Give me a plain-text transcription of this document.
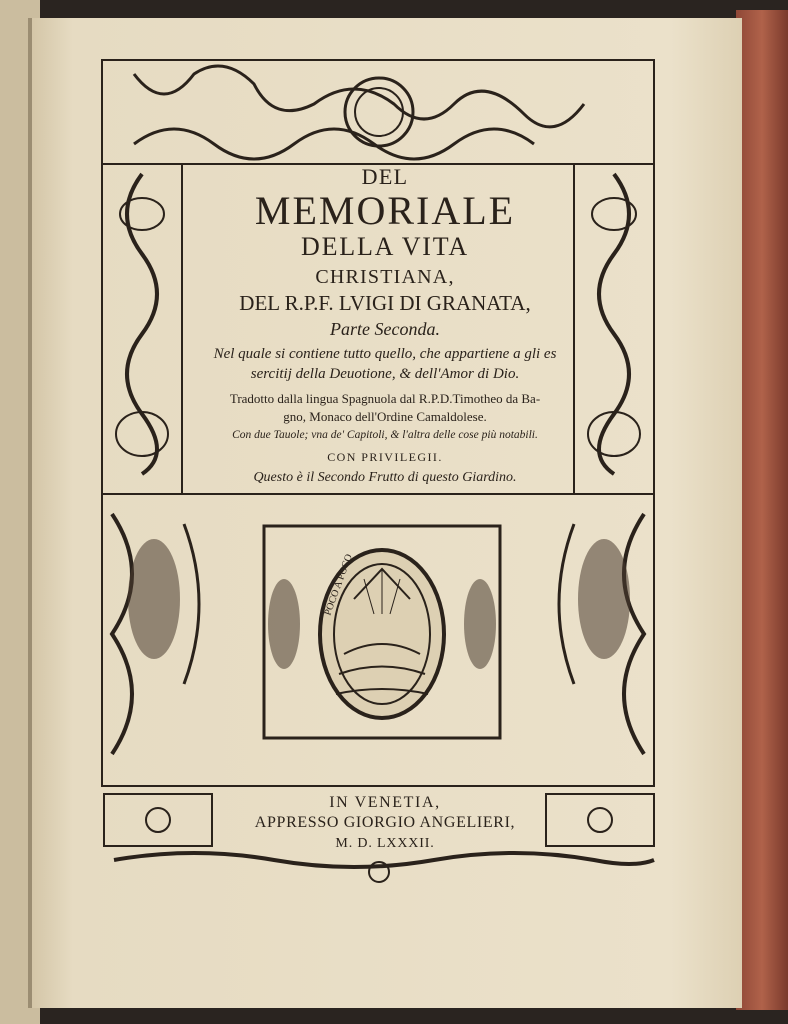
POCO A POCO
DEL
MEMORIALE
DELLA VITA
CHRISTIANA,
DEL R.P.F. LVIGI DI GRANATA,
Parte Seconda.
Nel quale si contiene tutto quello, che appartiene a gli es
sercitij della Deuotione, & dell'Amor di Dio.
Tradotto dalla lingua Spagnuola dal R.P.D.Timotheo da Ba-
gno, Monaco dell'Ordine Camaldolese.
Con due Tauole; vna de' Capitoli, & l'altra delle cose più notabili.
CON PRIVILEGII.
Questo è il Secondo Frutto di questo Giardino.
IN VENETIA,
APPRESSO GIORGIO ANGELIERI,
M. D. LXXXII.
